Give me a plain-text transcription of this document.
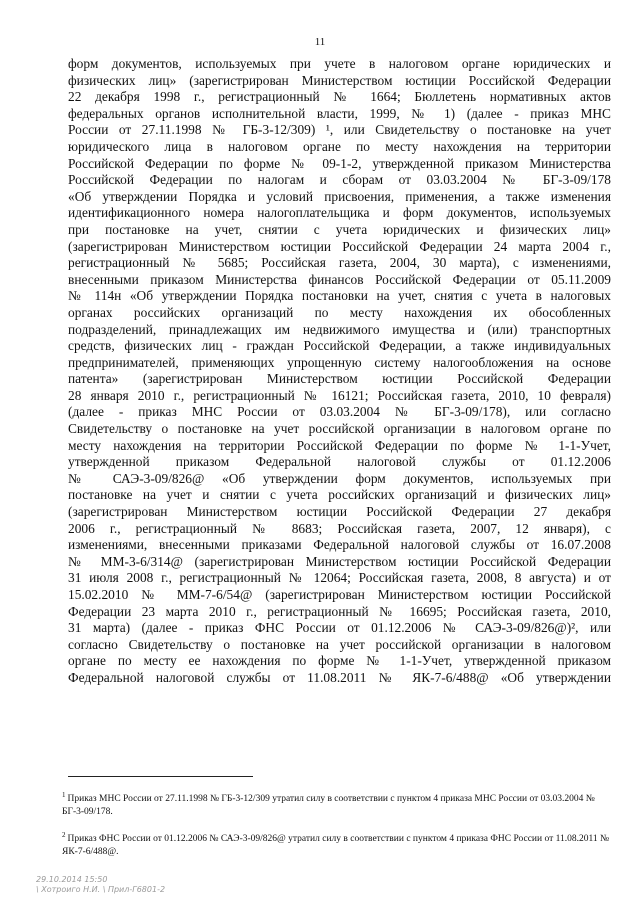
11
форм документов, используемых при учете в налоговом органе юридических и
физических лиц» (зарегистрирован Министерством юстиции Российской Федерации
22 декабря 1998 г., регистрационный № 1664; Бюллетень нормативных актов
федеральных органов исполнительной власти, 1999, № 1) (далее - приказ МНС
России от 27.11.1998 № ГБ-3-12/309) ¹, или Свидетельству о постановке на учет
юридического лица в налоговом органе по месту нахождения на территории
Российской Федерации по форме № 09-1-2, утвержденной приказом Министерства
Российской Федерации по налогам и сборам от 03.03.2004 № БГ-3-09/178
«Об утверждении Порядка и условий присвоения, применения, а также изменения
идентификационного номера налогоплательщика и форм документов, используемых
при постановке на учет, снятии с учета юридических и физических лиц»
(зарегистрирован Министерством юстиции Российской Федерации 24 марта 2004 г.,
регистрационный № 5685; Российская газета, 2004, 30 марта), с изменениями,
внесенными приказом Министерства финансов Российской Федерации от 05.11.2009
№ 114н «Об утверждении Порядка постановки на учет, снятия с учета в налоговых
органах российских организаций по месту нахождения их обособленных
подразделений, принадлежащих им недвижимого имущества и (или) транспортных
средств, физических лиц - граждан Российской Федерации, а также индивидуальных
предпринимателей, применяющих упрощенную систему налогообложения на основе
патента» (зарегистрирован Министерством юстиции Российской Федерации
28 января 2010 г., регистрационный № 16121; Российская газета, 2010, 10 февраля)
(далее - приказ МНС России от 03.03.2004 № БГ-3-09/178), или согласно
Свидетельству о постановке на учет российской организации в налоговом органе по
месту нахождения на территории Российской Федерации по форме № 1-1-Учет,
утвержденной приказом Федеральной налоговой службы от 01.12.2006
№ САЭ-3-09/826@ «Об утверждении форм документов, используемых при
постановке на учет и снятии с учета российских организаций и физических лиц»
(зарегистрирован Министерством юстиции Российской Федерации 27 декабря
2006 г., регистрационный № 8683; Российская газета, 2007, 12 января), с
изменениями, внесенными приказами Федеральной налоговой службы от 16.07.2008
№ ММ-3-6/314@ (зарегистрирован Министерством юстиции Российской Федерации
31 июля 2008 г., регистрационный № 12064; Российская газета, 2008, 8 августа) и от
15.02.2010 № ММ-7-6/54@ (зарегистрирован Министерством юстиции Российской
Федерации 23 марта 2010 г., регистрационный № 16695; Российская газета, 2010,
31 марта) (далее - приказ ФНС России от 01.12.2006 № САЭ-3-09/826@)², или
согласно Свидетельству о постановке на учет российской организации в налоговом
органе по месту ее нахождения по форме № 1-1-Учет, утвержденной приказом
Федеральной налоговой службы от 11.08.2011 № ЯК-7-6/488@ «Об утверждении

$^1$ Приказ МНС России от 27.11.1998 № ГБ-3-12/309 утратил силу в соответствии с пунктом 4 приказа МНС России от 03.03.2004 № БГ-3-09/178.

$^2$ Приказ ФНС России от 01.12.2006 № САЭ-3-09/826@ утратил силу в соответствии с пунктом 4 приказа ФНС России от 11.08.2011 № ЯК-7-6/488@.

29.10.2014 15:50
\ Хотроиго Н.И. \ Прил-Г6801-2
